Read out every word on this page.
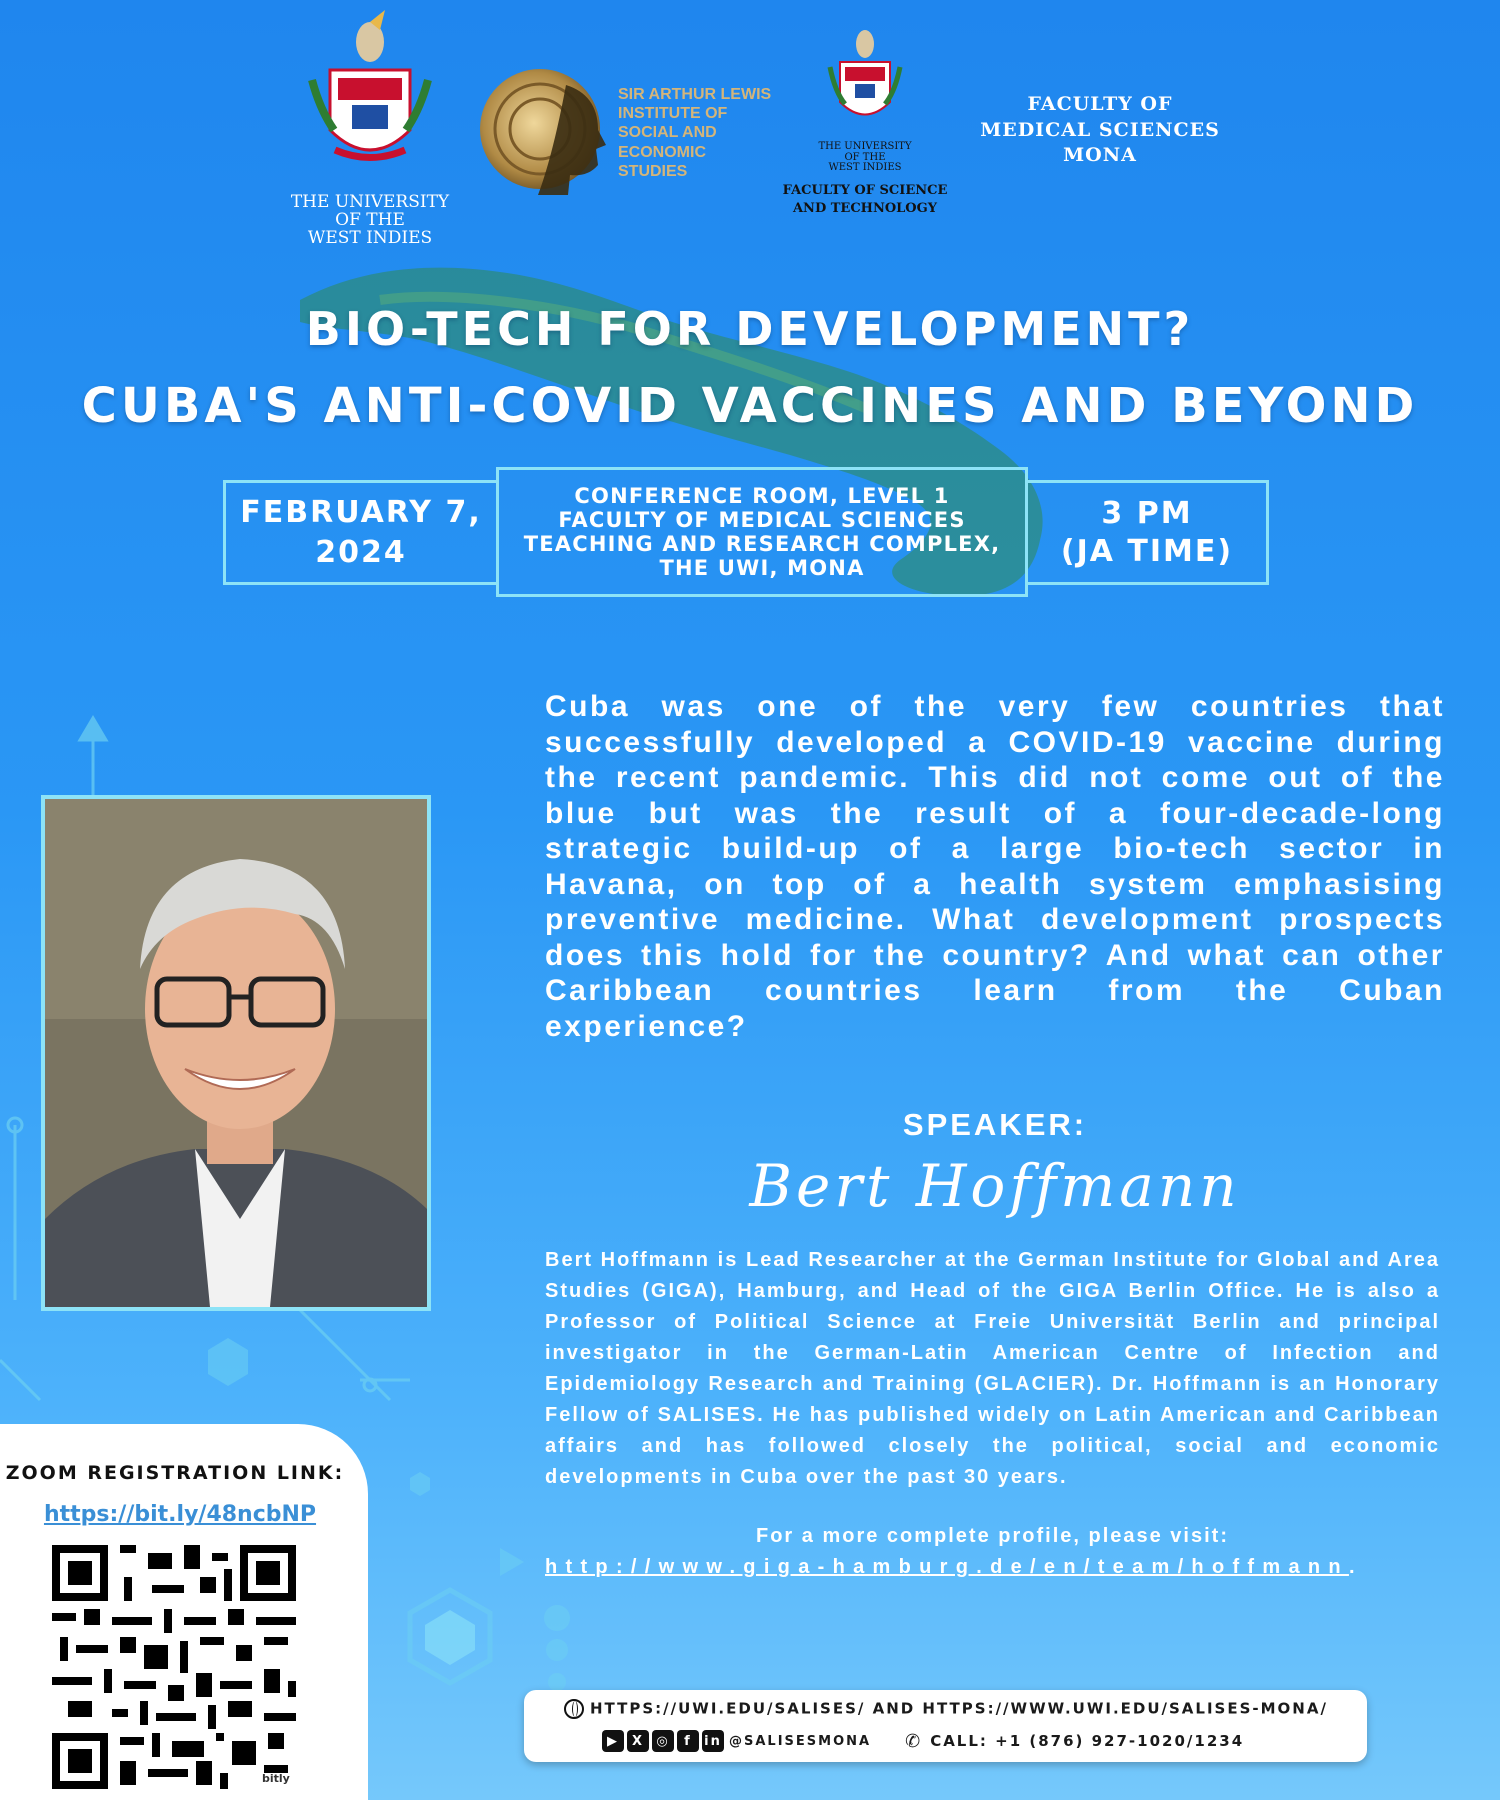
THE UNIVERSITY
OF THE
WEST INDIES
SIR ARTHUR LEWIS
INSTITUTE OF
SOCIAL AND
ECONOMIC
STUDIES
THE UNIVERSITY
OF THE
WEST INDIES
FACULTY OF SCIENCE
AND TECHNOLOGY
FACULTY OF
MEDICAL SCIENCES
MONA
BIO-TECH FOR DEVELOPMENT?
CUBA'S ANTI-COVID VACCINES AND BEYOND
FEBRUARY 7,
2024
CONFERENCE ROOM, LEVEL 1
FACULTY OF MEDICAL SCIENCES
TEACHING AND RESEARCH COMPLEX,
THE UWI, MONA
3 PM
(JA TIME)
Cuba was one of the very few countries that successfully developed a COVID-19 vaccine during the recent pandemic. This did not come out of the blue but was the result of a four-decade-long strategic build-up of a large bio-tech sector in Havana, on top of a health system emphasising preventive medicine. What development prospects does this hold for the country? And what can other Caribbean countries learn from the Cuban experience?
SPEAKER:
Bert Hoffmann
Bert Hoffmann is Lead Researcher at the German Institute for Global and Area Studies (GIGA), Hamburg, and Head of the GIGA Berlin Office. He is also a Professor of Political Science at Freie Universität Berlin and principal investigator in the German-Latin American Centre of Infection and Epidemiology Research and Training (GLACIER). Dr. Hoffmann is an Honorary Fellow of SALISES. He has published widely on Latin American and Caribbean affairs and has followed closely the political, social and economic developments in Cuba over the past 30 years.
For a more complete profile, please visit:
http://www.giga-hamburg.de/en/team/hoffmann.
ZOOM REGISTRATION LINK:
https://bit.ly/48ncbNP
bitly
HTTPS://UWI.EDU/SALISES/ AND HTTPS://WWW.UWI.EDU/SALISES-MONA/
▶ X ◎	f in @SALISESMONA ✆ CALL: +1 (876) 927-1020/1234
